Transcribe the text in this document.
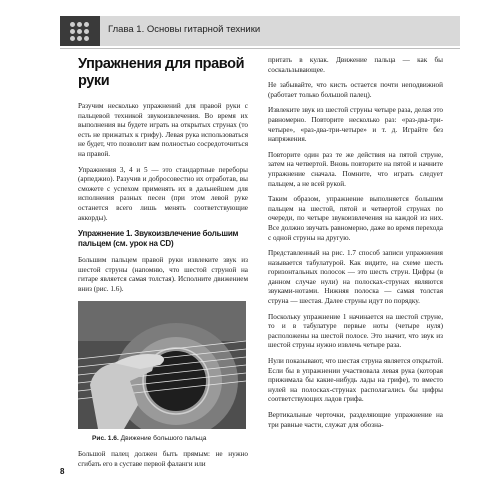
Глава 1. Основы гитарной техники
Упражнения для правой руки

Разучим несколько упражнений для правой руки с пальцевой техникой звукоизвлечения. Во время их выполнения вы будете играть на открытых струнах (то есть не прижатых к грифу). Левая рука использоваться не будет, что позволит вам полностью сосредоточиться на правой.

Упражнения 3, 4 и 5 — это стандартные переборы (арпеджио). Разучив и добросовестно их отработав, вы сможете с успехом применять их в дальнейшем для исполнения разных песен (при этом левой руке останется всего лишь менять соответствующие аккорды).

Упражнение 1. Звукоизвлечение большим пальцем (см. урок на CD)

Большим пальцем правой руки извлеките звук из шестой струны (напомню, что шестой струной на гитаре является самая толстая). Исполните движением вниз (рис. 1.6).

Рис. 1.6. Движение большого пальца

Большой палец должен быть прямым: не нужно сгибать его в суставе первой фаланги или

притать в кулак. Движение пальца — как бы соскальзывающее.

Не забывайте, что кисть остается почти неподвижной (работает только большой палец).

Извлеките звук из шестой струны четыре раза, делая это равномерно. Повторите несколько раз: «раз-два-три-четыре», «раз-два-три-четыре» и т. д. Играйте без напряжения.

Повторите один раз те же действия на пятой струне, затем на четвертой. Вновь повторите на пятой и начните упражнение сначала. Помните, что играть следует пальцем, а не всей рукой.

Таким образом, упражнение выполняется большим пальцем на шестой, пятой и четвертой струнах по очереди, по четыре звукоизвлечения на каждой из них. Все должно звучать равномерно, даже во время перехода с одной струны на другую.

Представленный на рис. 1.7 способ записи упражнения называется табулатурой. Как видите, на схеме шесть горизонтальных полосок — это шесть струн. Цифры (в данном случае нули) на полосках-струнах являются звуками-нотами. Нижняя полоска — самая толстая струна — шестая. Далее струны идут по порядку.

Поскольку упражнение 1 начинается на шестой струне, то и в табулатуре первые ноты (четыре нуля) расположены на шестой полосе. Это значит, что звук из шестой струны нужно извлечь четыре раза.

Нули показывают, что шестая струна является открытой. Если бы в упражнении участвовала левая рука (которая прижимала бы какие-нибудь лады на грифе), то вместо нулей на полосках-струнах располагались бы цифры соответствующих ладов грифа.

Вертикальные черточки, разделяющие упражнение на три равные части, служат для обозна-

8
